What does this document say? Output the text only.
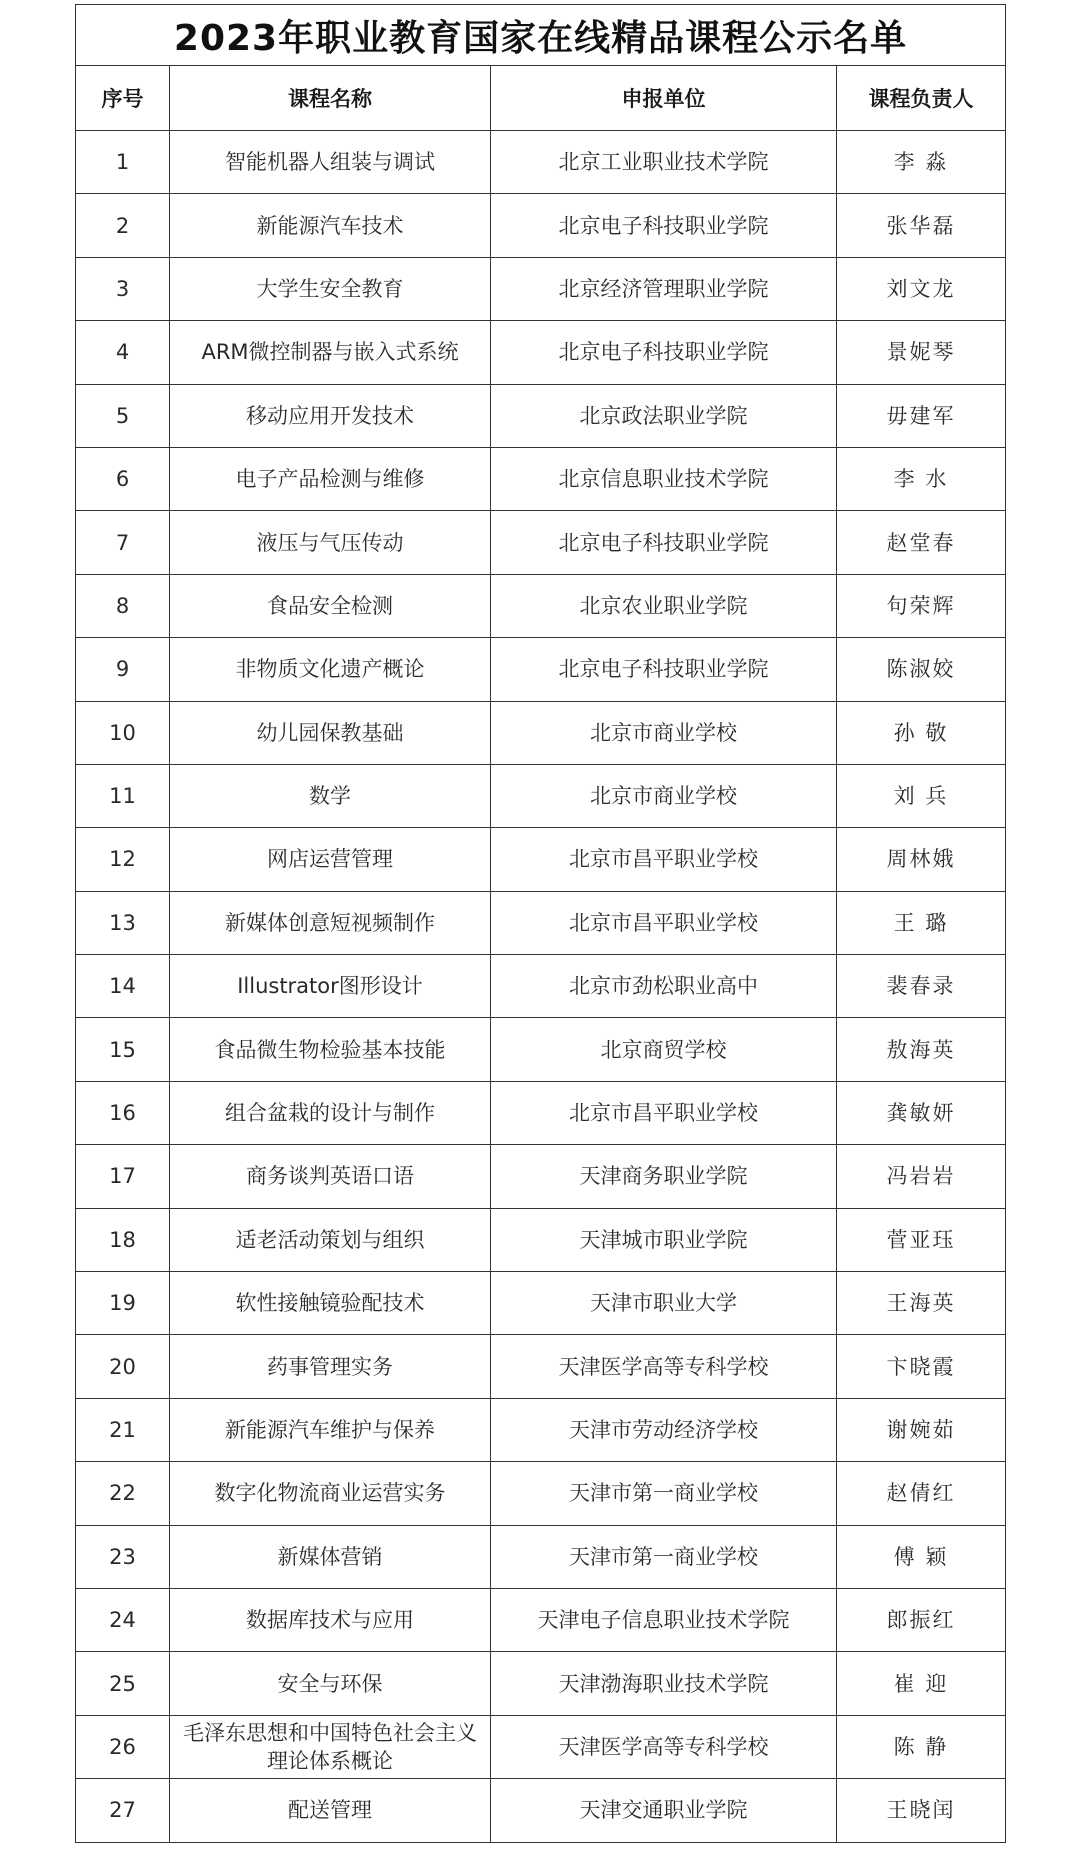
2023年职业教育国家在线精品课程公示名单			
序号	课程名称	申报单位	课程负责人
1	智能机器人组装与调试	北京工业职业技术学院	李 淼
2	新能源汽车技术	北京电子科技职业学院	张华磊
3	大学生安全教育	北京经济管理职业学院	刘文龙
4	ARM微控制器与嵌入式系统	北京电子科技职业学院	景妮琴
5	移动应用开发技术	北京政法职业学院	毋建军
6	电子产品检测与维修	北京信息职业技术学院	李 水
7	液压与气压传动	北京电子科技职业学院	赵堂春
8	食品安全检测	北京农业职业学院	句荣辉
9	非物质文化遗产概论	北京电子科技职业学院	陈淑姣
10	幼儿园保教基础	北京市商业学校	孙 敬
11	数学	北京市商业学校	刘 兵
12	网店运营管理	北京市昌平职业学校	周林娥
13	新媒体创意短视频制作	北京市昌平职业学校	王 璐
14	Illustrator图形设计	北京市劲松职业高中	裴春录
15	食品微生物检验基本技能	北京商贸学校	敖海英
16	组合盆栽的设计与制作	北京市昌平职业学校	龚敏妍
17	商务谈判英语口语	天津商务职业学院	冯岩岩
18	适老活动策划与组织	天津城市职业学院	菅亚珏
19	软性接触镜验配技术	天津市职业大学	王海英
20	药事管理实务	天津医学高等专科学校	卞晓霞
21	新能源汽车维护与保养	天津市劳动经济学校	谢婉茹
22	数字化物流商业运营实务	天津市第一商业学校	赵倩红
23	新媒体营销	天津市第一商业学校	傅 颖
24	数据库技术与应用	天津电子信息职业技术学院	郎振红
25	安全与环保	天津渤海职业技术学院	崔 迎
26	毛泽东思想和中国特色社会主义理论体系概论	天津医学高等专科学校	陈 静
27	配送管理	天津交通职业学院	王晓闰
